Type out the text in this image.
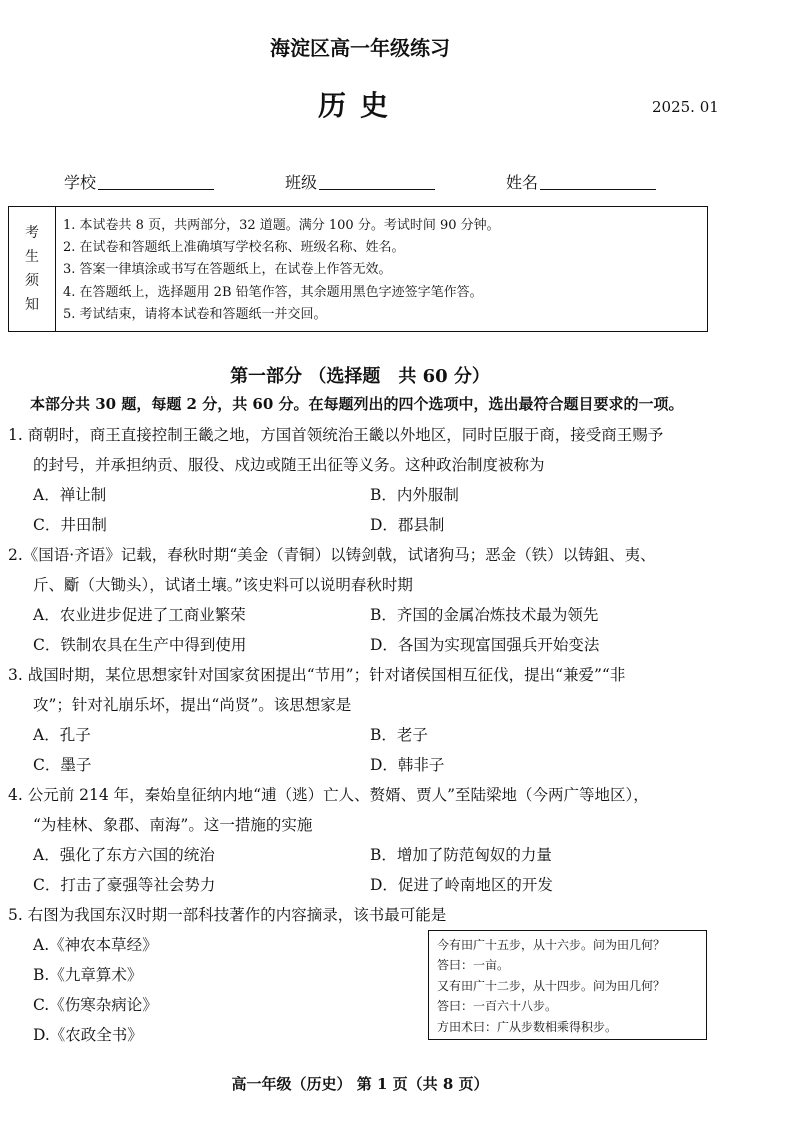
海淀区高一年级练习
历史	2025. 01
学校	班级	姓名
考
生
须
知
1. 本试卷共 8 页，共两部分，32 道题。满分 100 分。考试时间 90 分钟。
2. 在试卷和答题纸上准确填写学校名称、班级名称、姓名。
3. 答案一律填涂或书写在答题纸上，在试卷上作答无效。
4. 在答题纸上，选择题用 2B 铅笔作答，其余题用黑色字迹签字笔作答。
5. 考试结束，请将本试卷和答题纸一并交回。
第一部分 （选择题　共 60 分）
本部分共 30 题，每题 2 分，共 60 分。在每题列出的四个选项中，选出最符合题目要求的一项。
1. 商朝时，商王直接控制王畿之地，方国首领统治王畿以外地区，同时臣服于商，接受商王赐予
的封号，并承担纳贡、服役、戍边或随王出征等义务。这种政治制度被称为
A．禅让制	B．内外服制
C．井田制	D．郡县制
2.《国语·齐语》记载，春秋时期“美金（青铜）以铸剑戟，试诸狗马；恶金（铁）以铸鉏、夷、
斤、斸（大锄头），试诸土壤。”该史料可以说明春秋时期
A．农业进步促进了工商业繁荣	B．齐国的金属冶炼技术最为领先
C．铁制农具在生产中得到使用	D．各国为实现富国强兵开始变法
3. 战国时期，某位思想家针对国家贫困提出“节用”；针对诸侯国相互征伐，提出“兼爱”“非
攻”；针对礼崩乐坏，提出“尚贤”。该思想家是
A．孔子	B．老子
C．墨子	D．韩非子
4. 公元前 214 年，秦始皇征纳内地“逋（逃）亡人、赘婿、贾人”至陆梁地（今两广等地区），
“为桂林、象郡、南海”。这一措施的实施
A．强化了东方六国的统治	B．增加了防范匈奴的力量
C．打击了豪强等社会势力	D．促进了岭南地区的开发
5. 右图为我国东汉时期一部科技著作的内容摘录，该书最可能是
A.《神农本草经》
B.《九章算术》
C.《伤寒杂病论》
D.《农政全书》
今有田广十五步，从十六步。问为田几何？
答曰：一亩。
又有田广十二步，从十四步。问为田几何？
答曰：一百六十八步。
方田术曰：广从步数相乘得积步。
高一年级（历史） 第 1 页（共 8 页）
